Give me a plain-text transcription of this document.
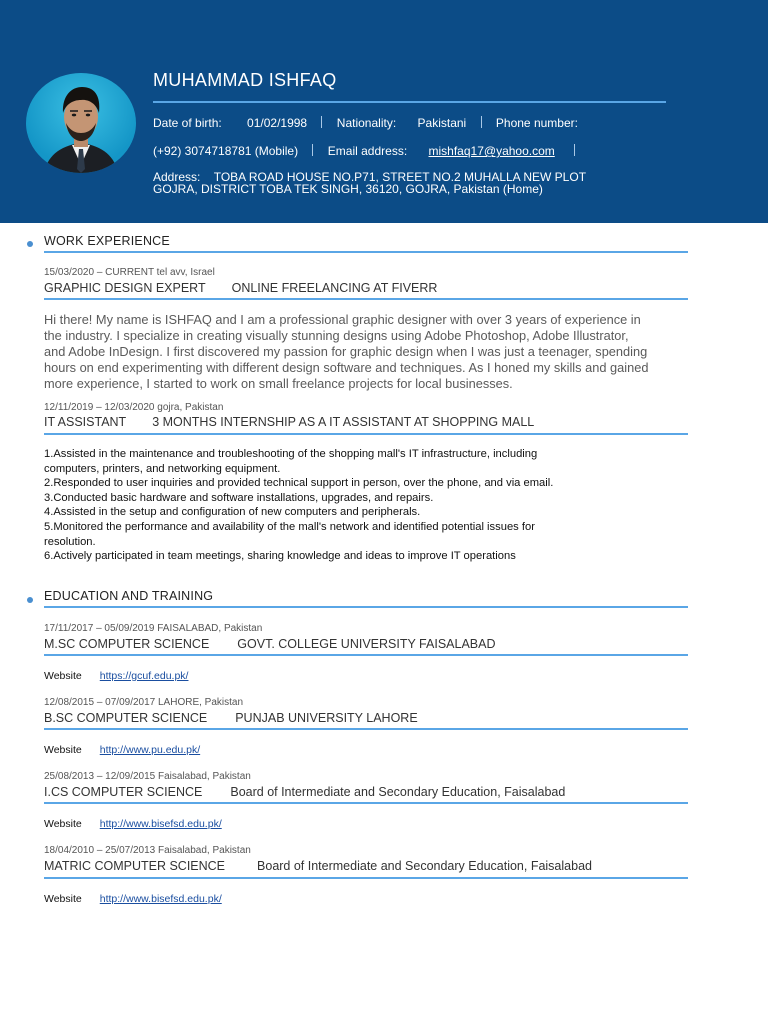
MUHAMMAD ISHFAQ
Date of birth: 01/02/1998 Nationality: Pakistani Phone number:
(+92) 3074718781 (Mobile) Email address: mishfaq17@yahoo.com
Address: TOBA ROAD HOUSE NO.P71, STREET NO.2 MUHALLA NEW PLOT
GOJRA, DISTRICT TOBA TEK SINGH, 36120, GOJRA, Pakistan (Home)
WORK EXPERIENCE
15/03/2020 – CURRENT tel avv, Israel
GRAPHIC DESIGN EXPERT ONLINE FREELANCING AT FIVERR
Hi there! My name is ISHFAQ and I am a professional graphic designer with over 3 years of experience in
the industry. I specialize in creating visually stunning designs using Adobe Photoshop, Adobe Illustrator,
and Adobe InDesign. I first discovered my passion for graphic design when I was just a teenager, spending
hours on end experimenting with different design software and techniques. As I honed my skills and gained
more experience, I started to work on small freelance projects for local businesses.
12/11/2019 – 12/03/2020 gojra, Pakistan
IT ASSISTANT 3 MONTHS INTERNSHIP AS A IT ASSISTANT AT SHOPPING MALL
1.Assisted in the maintenance and troubleshooting of the shopping mall's IT infrastructure, including
computers, printers, and networking equipment.
2.Responded to user inquiries and provided technical support in person, over the phone, and via email.
3.Conducted basic hardware and software installations, upgrades, and repairs.
4.Assisted in the setup and configuration of new computers and peripherals.
5.Monitored the performance and availability of the mall's network and identified potential issues for
resolution.
6.Actively participated in team meetings, sharing knowledge and ideas to improve IT operations
EDUCATION AND TRAINING
17/11/2017 – 05/09/2019 FAISALABAD, Pakistan
M.SC COMPUTER SCIENCE GOVT. COLLEGE UNIVERSITY FAISALABAD
Website https://gcuf.edu.pk/
12/08/2015 – 07/09/2017 LAHORE, Pakistan
B.SC COMPUTER SCIENCE PUNJAB UNIVERSITY LAHORE
Website http://www.pu.edu.pk/
25/08/2013 – 12/09/2015 Faisalabad, Pakistan
I.CS COMPUTER SCIENCE Board of Intermediate and Secondary Education, Faisalabad
Website http://www.bisefsd.edu.pk/
18/04/2010 – 25/07/2013 Faisalabad, Pakistan
MATRIC COMPUTER SCIENCE	Board of Intermediate and Secondary Education, Faisalabad
Website http://www.bisefsd.edu.pk/
